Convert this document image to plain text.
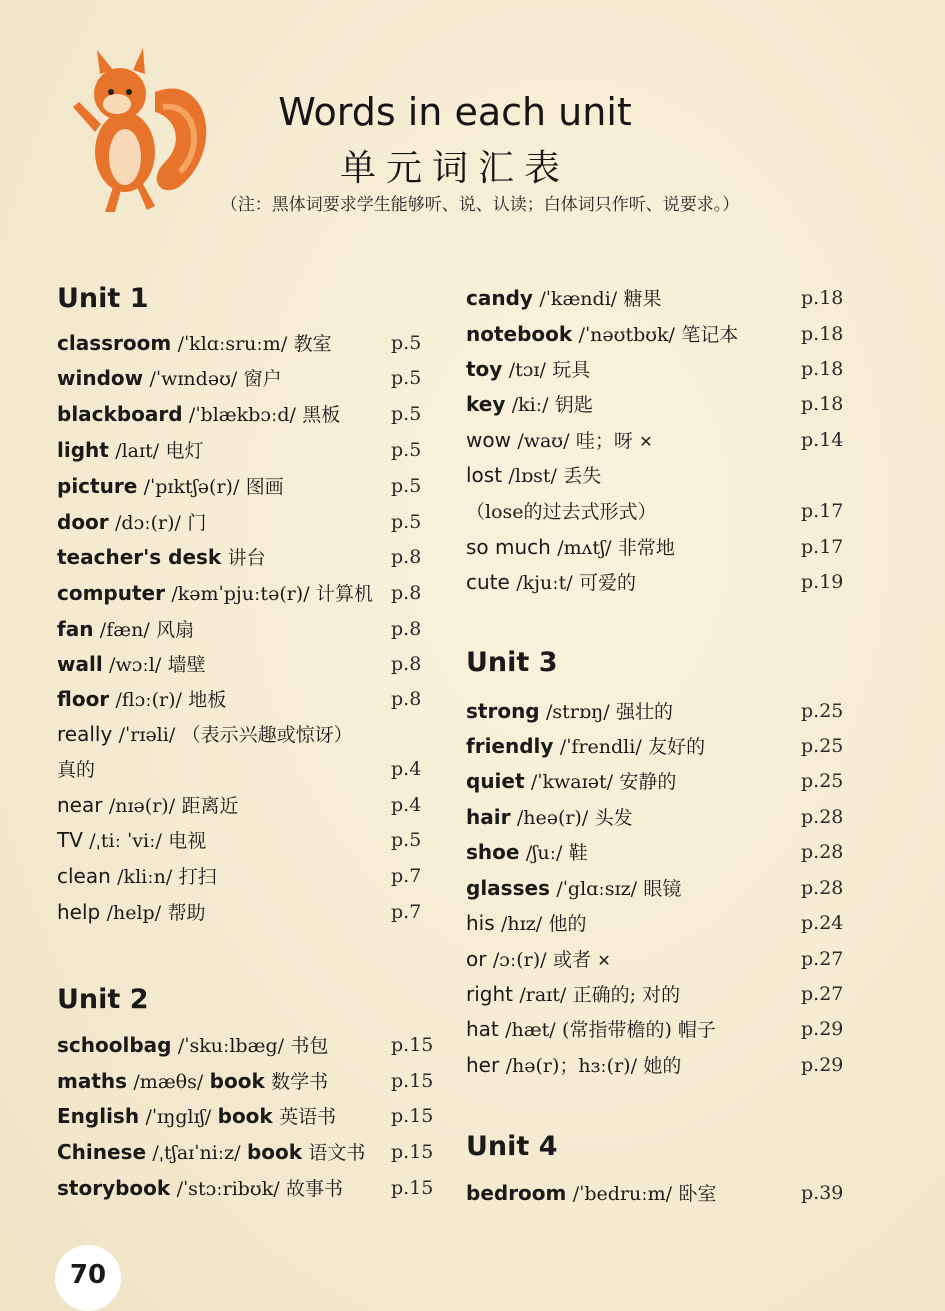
Words in each unit
单元词汇表
（注：黑体词要求学生能够听、说、认读；白体词只作听、说要求。）
Unit 1
classroom /ˈklɑːsruːm/ 教室	p.5
window /ˈwɪndəʊ/ 窗户	p.5
blackboard /ˈblækbɔːd/ 黑板	p.5
light /laɪt/ 电灯	p.5
picture /ˈpɪktʃə(r)/ 图画	p.5
door /dɔː(r)/ 门	p.5
teacher's desk 讲台	p.8
computer /kəmˈpjuːtə(r)/ 计算机 p.8
fan /fæn/ 风扇	p.8
wall /wɔːl/ 墙壁	p.8
floor /flɔː(r)/ 地板	p.8
really /ˈrɪəli/ （表示兴趣或惊讶）
真的	p.4
near /nɪə(r)/ 距离近	p.4
TV /ˌtiː ˈviː/ 电视	p.5
clean /kliːn/ 打扫	p.7
help /help/ 帮助	p.7
Unit 2
schoolbag /ˈskuːlbæg/ 书包	p.15
maths /mæθs/ book 数学书	p.15
English /ˈɪŋglɪʃ/ book 英语书	p.15
Chinese /ˌtʃaɪˈniːz/ book 语文书 p.15
storybook /ˈstɔːribʊk/ 故事书	p.15
candy /ˈkændi/ 糖果	p.18
notebook /ˈnəʊtbʊk/ 笔记本	p.18
toy /tɔɪ/ 玩具	p.18
key /kiː/ 钥匙	p.18
wow /waʊ/ 哇；呀 ✕	p.14
lost /lɒst/ 丢失
（lose的过去式形式）	p.17
so much /mʌtʃ/ 非常地	p.17
cute /kjuːt/ 可爱的	p.19
Unit 3
strong /strɒŋ/ 强壮的	p.25
friendly /ˈfrendli/ 友好的	p.25
quiet /ˈkwaɪət/ 安静的	p.25
hair /heə(r)/ 头发	p.28
shoe /ʃuː/ 鞋	p.28
glasses /ˈglɑːsɪz/ 眼镜	p.28
his /hɪz/ 他的	p.24
or /ɔː(r)/ 或者 ✕	p.27
right /raɪt/ 正确的; 对的	p.27
hat /hæt/ (常指带檐的) 帽子	p.29
her /hə(r)；hɜː(r)/ 她的	p.29
Unit 4
bedroom /ˈbedruːm/ 卧室	p.39
70
